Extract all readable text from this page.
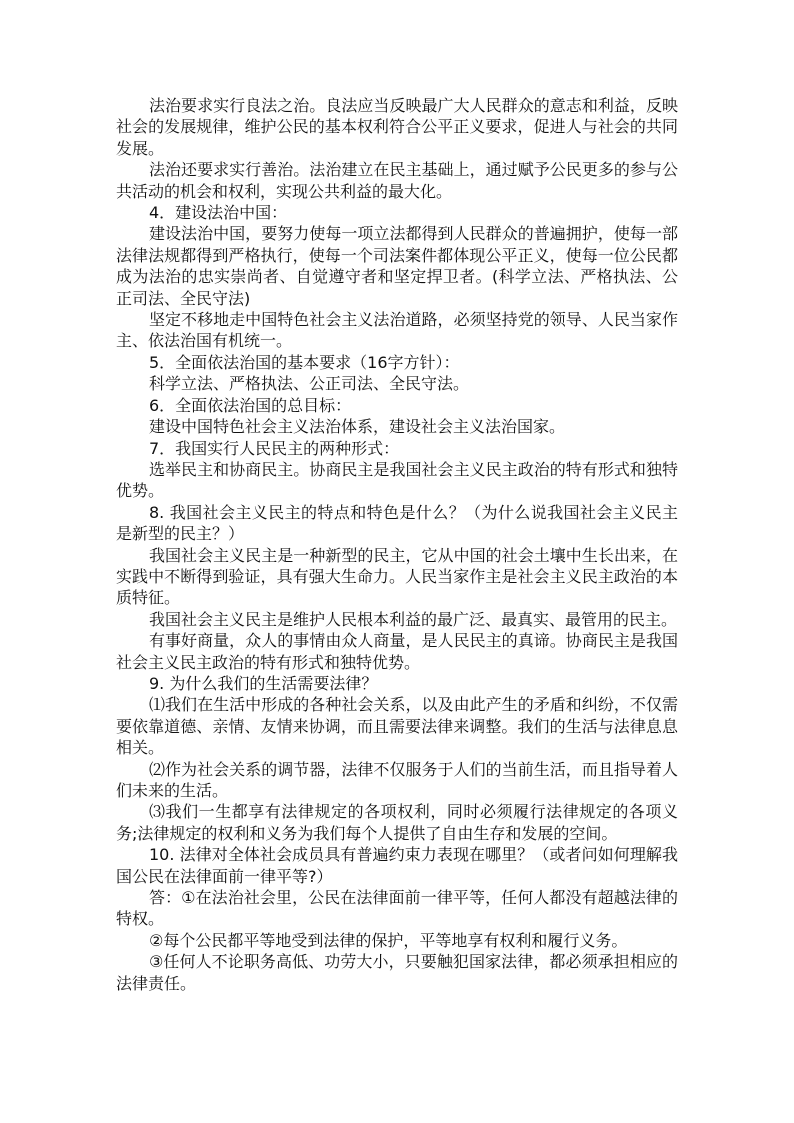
法治要求实行良法之治。良法应当反映最广大人民群众的意志和利益，反映社会的发展规律，维护公民的基本权利符合公平正义要求，促进人与社会的共同发展。

法治还要求实行善治。法治建立在民主基础上，通过赋予公民更多的参与公共活动的机会和权利，实现公共利益的最大化。

4．建设法治中国：

建设法治中国，要努力使每一项立法都得到人民群众的普遍拥护，使每一部法律法规都得到严格执行，使每一个司法案件都体现公平正义，使每一位公民都成为法治的忠实崇尚者、自觉遵守者和坚定捍卫者。(科学立法、严格执法、公正司法、全民守法)

坚定不移地走中国特色社会主义法治道路，必须坚持党的领导、人民当家作主、依法治国有机统一。

5．全面依法治国的基本要求（16字方针）：

科学立法、严格执法、公正司法、全民守法。

6．全面依法治国的总目标：

建设中国特色社会主义法治体系，建设社会主义法治国家。

7．我国实行人民民主的两种形式：

选举民主和协商民主。协商民主是我国社会主义民主政治的特有形式和独特优势。

8. 我国社会主义民主的特点和特色是什么？（为什么说我国社会主义民主是新型的民主？）

我国社会主义民主是一种新型的民主，它从中国的社会土壤中生长出来，在实践中不断得到验证，具有强大生命力。人民当家作主是社会主义民主政治的本质特征。

我国社会主义民主是维护人民根本利益的最广泛、最真实、最管用的民主。

有事好商量，众人的事情由众人商量，是人民民主的真谛。协商民主是我国社会主义民主政治的特有形式和独特优势。

9. 为什么我们的生活需要法律？

⑴我们在生活中形成的各种社会关系，以及由此产生的矛盾和纠纷，不仅需要依靠道德、亲情、友情来协调，而且需要法律来调整。我们的生活与法律息息相关。

⑵作为社会关系的调节器，法律不仅服务于人们的当前生活，而且指导着人们未来的生活。

⑶我们一生都享有法律规定的各项权利，同时必须履行法律规定的各项义务;法律规定的权利和义务为我们每个人提供了自由生存和发展的空间。

10. 法律对全体社会成员具有普遍约束力表现在哪里？（或者问如何理解我国公民在法律面前一律平等?）

答：①在法治社会里，公民在法律面前一律平等，任何人都没有超越法律的特权。

②每个公民都平等地受到法律的保护，平等地享有权利和履行义务。

③任何人不论职务高低、功劳大小，只要触犯国家法律，都必须承担相应的法律责任。
